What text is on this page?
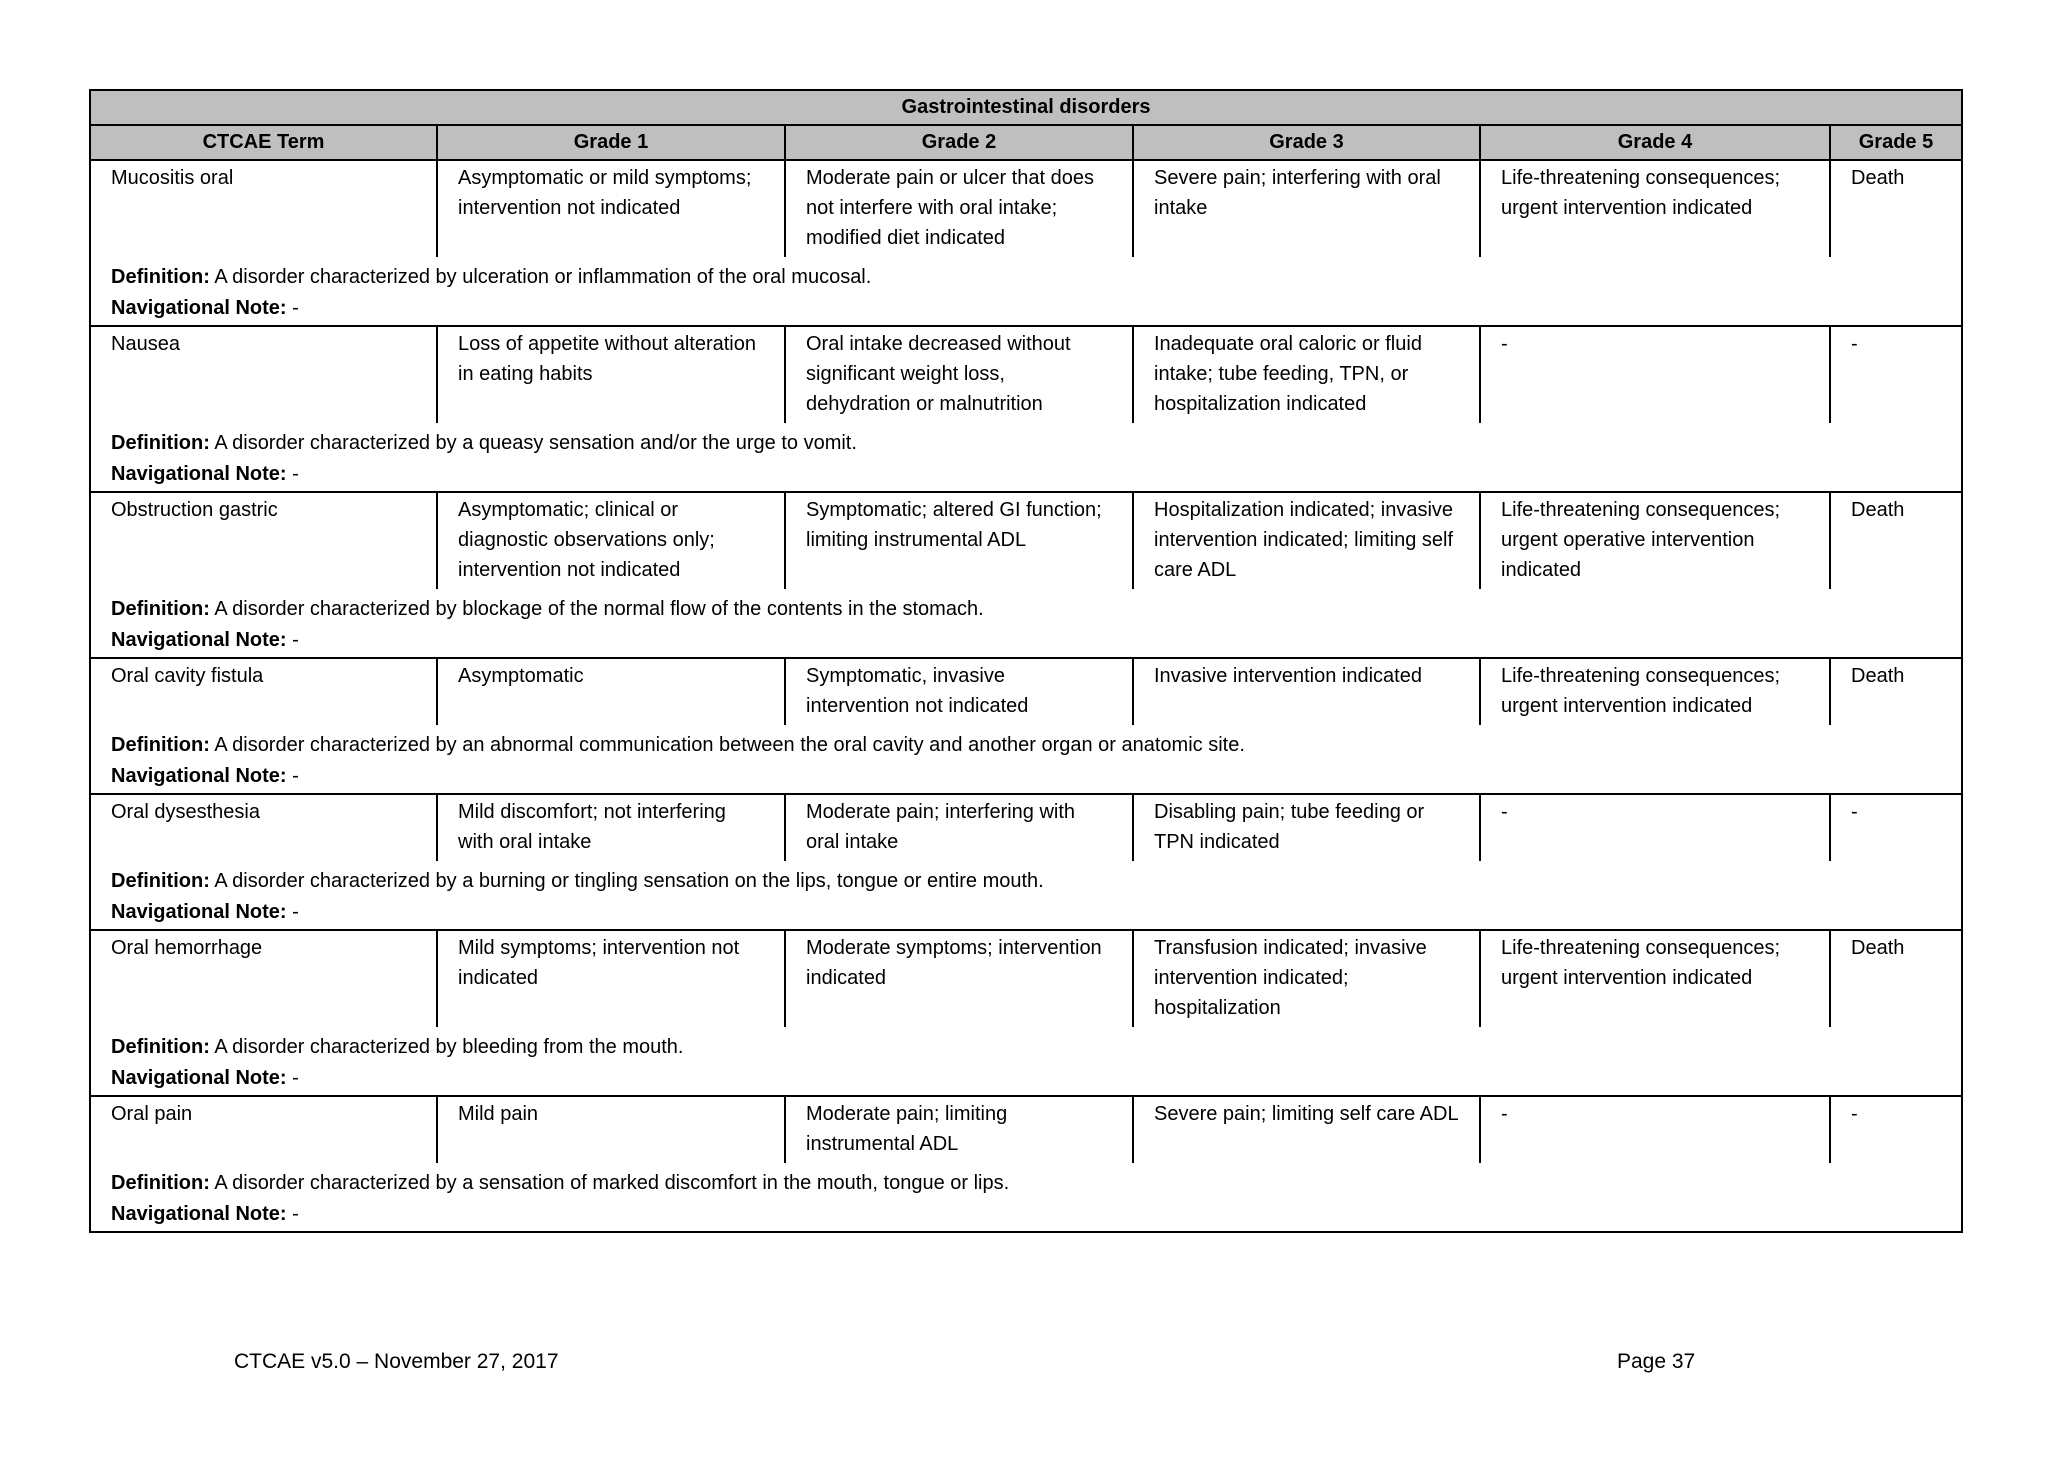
Gastrointestinal disorders					
CTCAE Term	Grade 1	Grade 2	Grade 3	Grade 4	Grade 5
Mucositis oral	Asymptomatic or mild symptoms; intervention not indicated	Moderate pain or ulcer that does not interfere with oral intake; modified diet indicated	Severe pain; interfering with oral intake	Life-threatening consequences; urgent intervention indicated	Death
Definition: A disorder characterized by ulceration or inflammation of the oral mucosal.					
Navigational Note: -					
Nausea	Loss of appetite without alteration in eating habits	Oral intake decreased without significant weight loss, dehydration or malnutrition	Inadequate oral caloric or fluid intake; tube feeding, TPN, or hospitalization indicated	-	-
Definition: A disorder characterized by a queasy sensation and/or the urge to vomit.					
Navigational Note: -					
Obstruction gastric	Asymptomatic; clinical or diagnostic observations only; intervention not indicated	Symptomatic; altered GI function; limiting instrumental ADL	Hospitalization indicated; invasive intervention indicated; limiting self care ADL	Life-threatening consequences; urgent operative intervention indicated	Death
Definition: A disorder characterized by blockage of the normal flow of the contents in the stomach.					
Navigational Note: -					
Oral cavity fistula	Asymptomatic	Symptomatic, invasive intervention not indicated	Invasive intervention indicated	Life-threatening consequences; urgent intervention indicated	Death
Definition: A disorder characterized by an abnormal communication between the oral cavity and another organ or anatomic site.					
Navigational Note: -					
Oral dysesthesia	Mild discomfort; not interfering with oral intake	Moderate pain; interfering with oral intake	Disabling pain; tube feeding or TPN indicated	-	-
Definition: A disorder characterized by a burning or tingling sensation on the lips, tongue or entire mouth.					
Navigational Note: -					
Oral hemorrhage	Mild symptoms; intervention not indicated	Moderate symptoms; intervention indicated	Transfusion indicated; invasive intervention indicated; hospitalization	Life-threatening consequences; urgent intervention indicated	Death
Definition: A disorder characterized by bleeding from the mouth.					
Navigational Note: -					
Oral pain	Mild pain	Moderate pain; limiting instrumental ADL	Severe pain; limiting self care ADL	-	-
Definition: A disorder characterized by a sensation of marked discomfort in the mouth, tongue or lips.					
Navigational Note: -					
CTCAE v5.0 – November 27, 2017	Page 37
